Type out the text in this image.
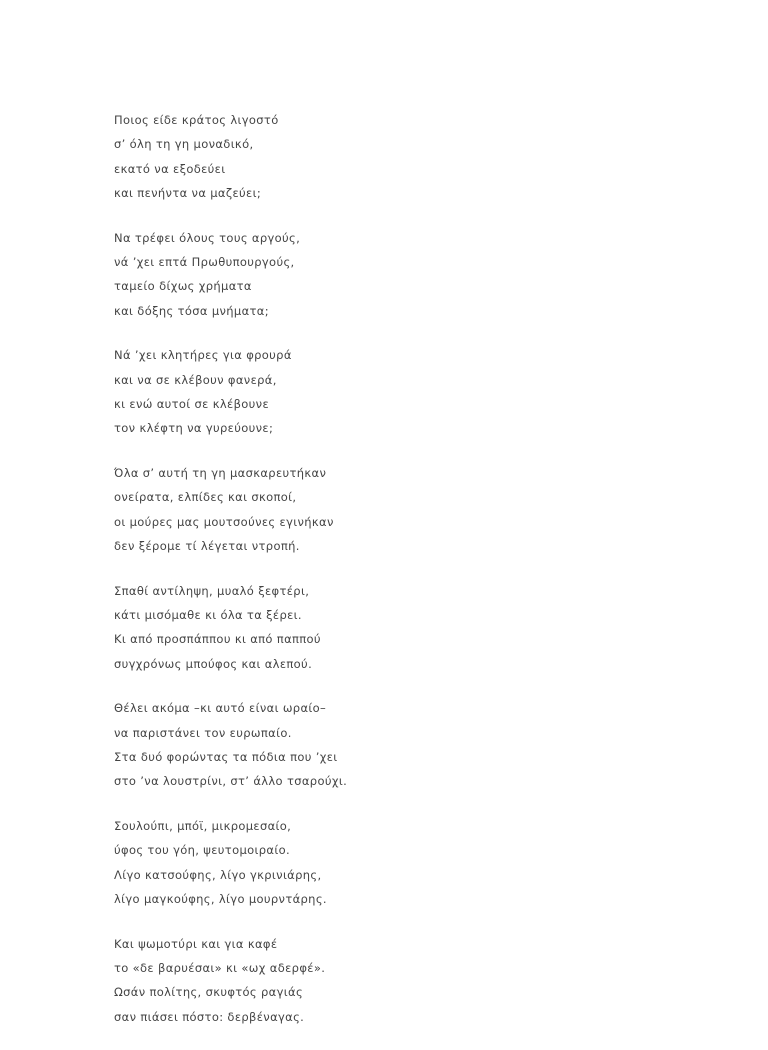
Ποιος είδε κράτος λιγοστό
σ’ όλη τη γη μοναδικό,
εκατό να εξοδεύει
και πενήντα να μαζεύει;
Να τρέφει όλους τους αργούς,
νά ’χει επτά Πρωθυπουργούς,
ταμείο δίχως χρήματα
και δόξης τόσα μνήματα;
Νά ’χει κλητήρες για φρουρά
και να σε κλέβουν φανερά,
κι ενώ αυτοί σε κλέβουνε
τον κλέφτη να γυρεύουνε;
Όλα σ’ αυτή τη γη μασκαρευτήκαν
ονείρατα, ελπίδες και σκοποί,
οι μούρες μας μουτσούνες εγινήκαν
δεν ξέρομε τί λέγεται ντροπή.
Σπαθί αντίληψη, μυαλό ξεφτέρι,
κάτι μισόμαθε κι όλα τα ξέρει.
Κι από προσπάππου κι από παππού
συγχρόνως μπούφος και αλεπού.
Θέλει ακόμα –κι αυτό είναι ωραίο–
να παριστάνει τον ευρωπαίο.
Στα δυό φορώντας τα πόδια που ’χει
στο ’να λουστρίνι, στ’ άλλο τσαρούχι.
Σουλούπι, μπόϊ, μικρομεσαίο,
ύφος του γόη, ψευτομοιραίο.
Λίγο κατσούφης, λίγο γκρινιάρης,
λίγο μαγκούφης, λίγο μουρντάρης.
Και ψωμοτύρι και για καφέ
το «δε βαρυέσαι» κι «ωχ αδερφέ».
Ωσάν πολίτης, σκυφτός ραγιάς
σαν πιάσει πόστο: δερβέναγας.
